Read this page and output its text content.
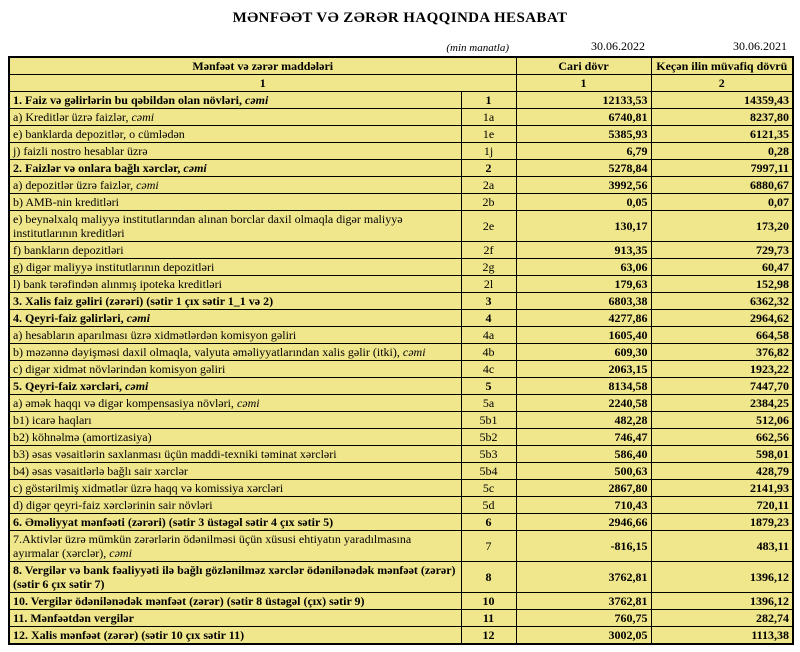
MƏNFƏƏT VƏ ZƏRƏR HAQQINDA HESABAT
(min manatla)	30.06.2022	30.06.2021
Mənfəət və zərər maddələri		Cari dövr	Keçən ilin müvafiq dövrü
1		1	2
1. Faiz və gəlirlərin bu qəbildən olan növləri, cəmi	1	12133,53	14359,43
a) Kreditlər üzrə faizlər, cəmi	1a	6740,81	8237,80
e) banklarda depozitlər, o cümlədən	1e	5385,93	6121,35
j) faizli nostro hesablar üzrə	1j	6,79	0,28
2. Faizlər və onlara bağlı xərclər, cəmi	2	5278,84	7997,11
a) depozitlər üzrə faizlər, cəmi	2a	3992,56	6880,67
b) AMB-nin kreditləri	2b	0,05	0,07
e) beynəlxalq maliyyə institutlarından alınan borclar daxil olmaqla digər maliyyə institutlarının kreditləri	2e	130,17	173,20
f) bankların depozitləri	2f	913,35	729,73
g) digər maliyyə institutlarının depozitləri	2g	63,06	60,47
l) bank tərəfindən alınmış ipoteka kreditləri	2l	179,63	152,98
3. Xalis faiz gəliri (zərəri) (sətir 1 çıx sətir 1_1 və 2)	3	6803,38	6362,32
4. Qeyri-faiz gəlirləri, cəmi	4	4277,86	2964,62
a) hesabların aparılması üzrə xidmətlərdən komisyon gəliri	4a	1605,40	664,58
b) məzənnə dəyişməsi daxil olmaqla, valyuta əməliyyatlarından xalis gəlir (itki), cəmi	4b	609,30	376,82
c) digər xidmət növlərindən komisyon gəliri	4c	2063,15	1923,22
5. Qeyri-faiz xərcləri, cəmi	5	8134,58	7447,70
a) əmək haqqı və digər kompensasiya növləri, cəmi	5a	2240,58	2384,25
b1) icarə haqları	5b1	482,28	512,06
b2) köhnəlmə (amortizasiya)	5b2	746,47	662,56
b3) əsas vəsaitlərin saxlanması üçün maddi-texniki təminat xərcləri	5b3	586,40	598,01
b4) əsas vəsaitlərlə bağlı sair xərclər	5b4	500,63	428,79
c) göstərilmiş xidmətlər üzrə haqq və komissiya xərcləri	5c	2867,80	2141,93
d) digər qeyri-faiz xərclərinin sair növləri	5d	710,43	720,11
6. Əməliyyat mənfəəti (zərəri) (sətir 3 üstəgəl sətir 4 çıx sətir 5)	6	2946,66	1879,23
7.Aktivlər üzrə mümkün zərərlərin ödənilməsi üçün xüsusi ehtiyatın yaradılmasına ayırmalar (xərclər), cəmi	7	-816,15	483,11
8. Vergilər və bank fəaliyyəti ilə bağlı gözlənilməz xərclər ödənilənədək mənfəət (zərər) (sətir 6 çıx sətir 7)	8	3762,81	1396,12
10. Vergilər ödənilənədək mənfəət (zərər) (sətir 8 üstəgəl (çıx) sətir 9)	10	3762,81	1396,12
11. Mənfəətdən vergilər	11	760,75	282,74
12. Xalis mənfəət (zərər) (sətir 10 çıx sətir 11)	12	3002,05	1113,38
